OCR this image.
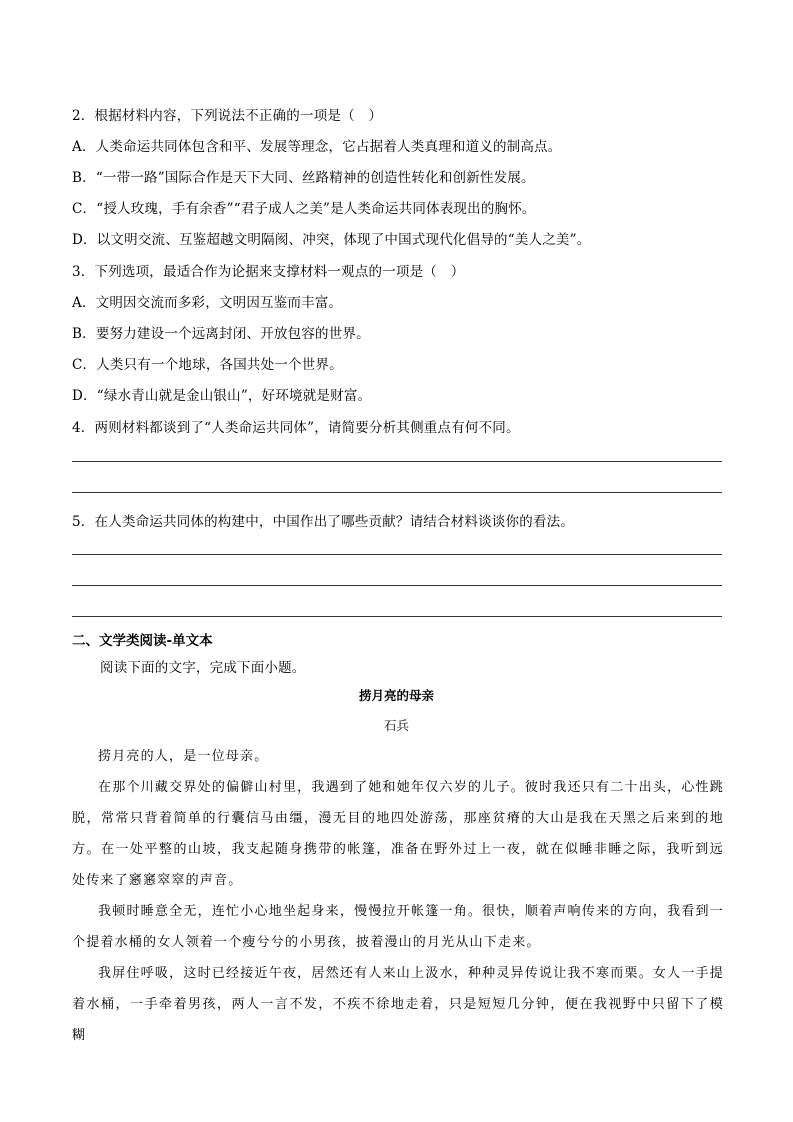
2．根据材料内容，下列说法不正确的一项是（　）
A．人类命运共同体包含和平、发展等理念，它占据着人类真理和道义的制高点。
B．“一带一路”国际合作是天下大同、丝路精神的创造性转化和创新性发展。
C．“授人玫瑰，手有余香”“君子成人之美”是人类命运共同体表现出的胸怀。
D．以文明交流、互鉴超越文明隔阂、冲突，体现了中国式现代化倡导的“美人之美”。
3．下列选项，最适合作为论据来支撑材料一观点的一项是（　）
A．文明因交流而多彩，文明因互鉴而丰富。
B．要努力建设一个远离封闭、开放包容的世界。
C．人类只有一个地球，各国共处一个世界。
D．“绿水青山就是金山银山”，好环境就是财富。
4．两则材料都谈到了“人类命运共同体”，请简要分析其侧重点有何不同。
5．在人类命运共同体的构建中，中国作出了哪些贡献？请结合材料谈谈你的看法。
二、文学类阅读-单文本
阅读下面的文字，完成下面小题。
捞月亮的母亲
石兵
捞月亮的人，是一位母亲。
在那个川藏交界处的偏僻山村里，我遇到了她和她年仅六岁的儿子。彼时我还只有二十出头，心性跳脱，常常只背着简单的行囊信马由缰，漫无目的地四处游荡，那座贫瘠的大山是我在天黑之后来到的地方。在一处平整的山坡，我支起随身携带的帐篷，准备在野外过上一夜，就在似睡非睡之际，我听到远处传来了窸窸窣窣的声音。
我顿时睡意全无，连忙小心地坐起身来，慢慢拉开帐篷一角。很快，顺着声响传来的方向，我看到一个提着水桶的女人领着一个瘦兮兮的小男孩，披着漫山的月光从山下走来。
我屏住呼吸，这时已经接近午夜，居然还有人来山上汲水，种种灵异传说让我不寒而栗。女人一手提着水桶，一手牵着男孩，两人一言不发，不疾不徐地走着，只是短短几分钟，便在我视野中只留下了模糊
